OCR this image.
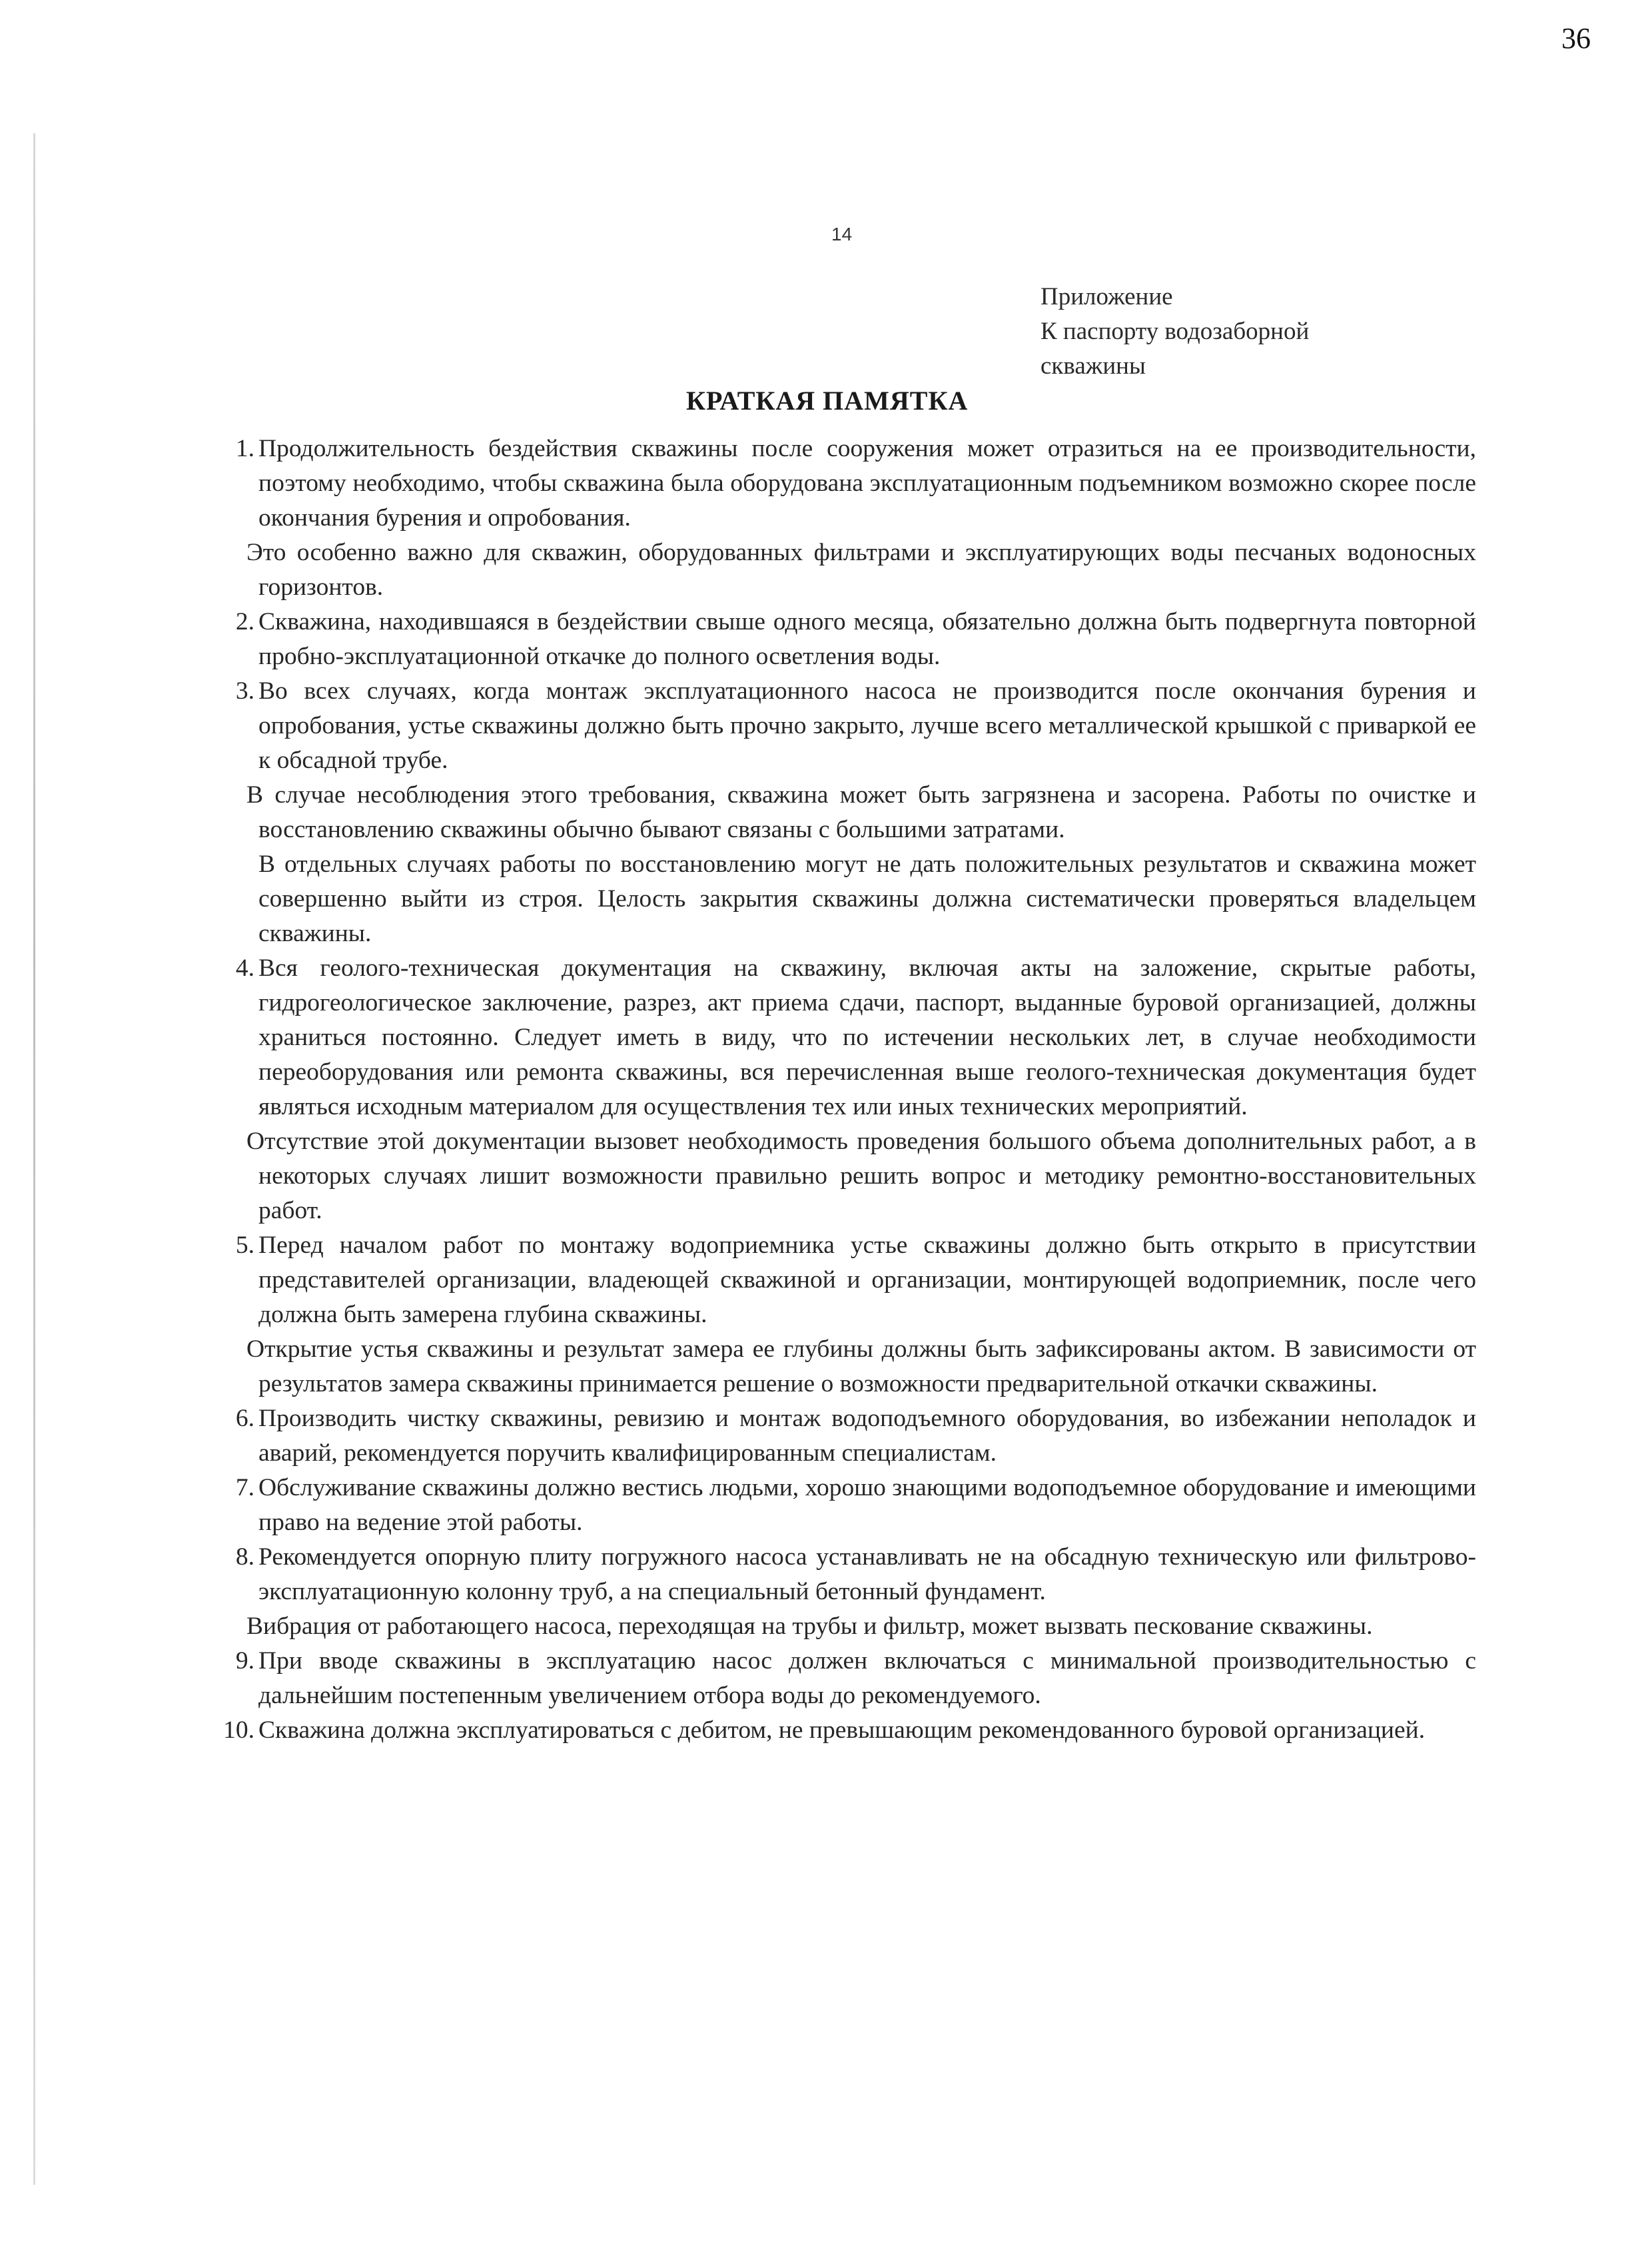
36
14
Приложение
К паспорту водозаборной
скважины
КРАТКАЯ ПАМЯТКА
1. Продолжительность бездействия скважины после сооружения может отразиться на ее производительности, поэтому необходимо, чтобы скважина была оборудована эксплуатационным подъемником возможно скорее после окончания бурения и опробования.
Это особенно важно для скважин, оборудованных фильтрами и эксплуатирующих воды песчаных водоносных горизонтов.
2. Скважина, находившаяся в бездействии свыше одного месяца, обязательно должна быть подвергнута повторной пробно-эксплуатационной откачке до полного осветления воды.
3. Во всех случаях, когда монтаж эксплуатационного насоса не производится после окончания бурения и опробования, устье скважины должно быть прочно закрыто, лучше всего металлической крышкой с приваркой ее к обсадной трубе.
В случае несоблюдения этого требования, скважина может быть загрязнена и засорена. Работы по очистке и восстановлению скважины обычно бывают связаны с большими затратами.
В отдельных случаях работы по восстановлению могут не дать положительных результатов и скважина может совершенно выйти из строя. Целость закрытия скважины должна систематически проверяться владельцем скважины.
4. Вся геолого-техническая документация на скважину, включая акты на заложение, скрытые работы, гидрогеологическое заключение, разрез, акт приема сдачи, паспорт, выданные буровой организацией, должны храниться постоянно. Следует иметь в виду, что по истечении нескольких лет, в случае необходимости переоборудования или ремонта скважины, вся перечисленная выше геолого-техническая документация будет являться исходным материалом для осуществления тех или иных технических мероприятий.
Отсутствие этой документации вызовет необходимость проведения большого объема дополнительных работ, а в некоторых случаях лишит возможности правильно решить вопрос и методику ремонтно-восстановительных работ.
5. Перед началом работ по монтажу водоприемника устье скважины должно быть открыто в присутствии представителей организации, владеющей скважиной и организации, монтирующей водоприемник, после чего должна быть замерена глубина скважины.
Открытие устья скважины и результат замера ее глубины должны быть зафиксированы актом. В зависимости от результатов замера скважины принимается решение о возможности предварительной откачки скважины.
6. Производить чистку скважины, ревизию и монтаж водоподъемного оборудования, во избежании неполадок и аварий, рекомендуется поручить квалифицированным специалистам.
7. Обслуживание скважины должно вестись людьми, хорошо знающими водоподъемное оборудование и имеющими право на ведение этой работы.
8. Рекомендуется опорную плиту погружного насоса устанавливать не на обсадную техническую или фильтрово-эксплуатационную колонну труб, а на специальный бетонный фундамент.
Вибрация от работающего насоса, переходящая на трубы и фильтр, может вызвать пескование скважины.
9. При вводе скважины в эксплуатацию насос должен включаться с минимальной производительностью с дальнейшим постепенным увеличением отбора воды до рекомендуемого.
10. Скважина должна эксплуатироваться с дебитом, не превышающим рекомендованного буровой организацией.
